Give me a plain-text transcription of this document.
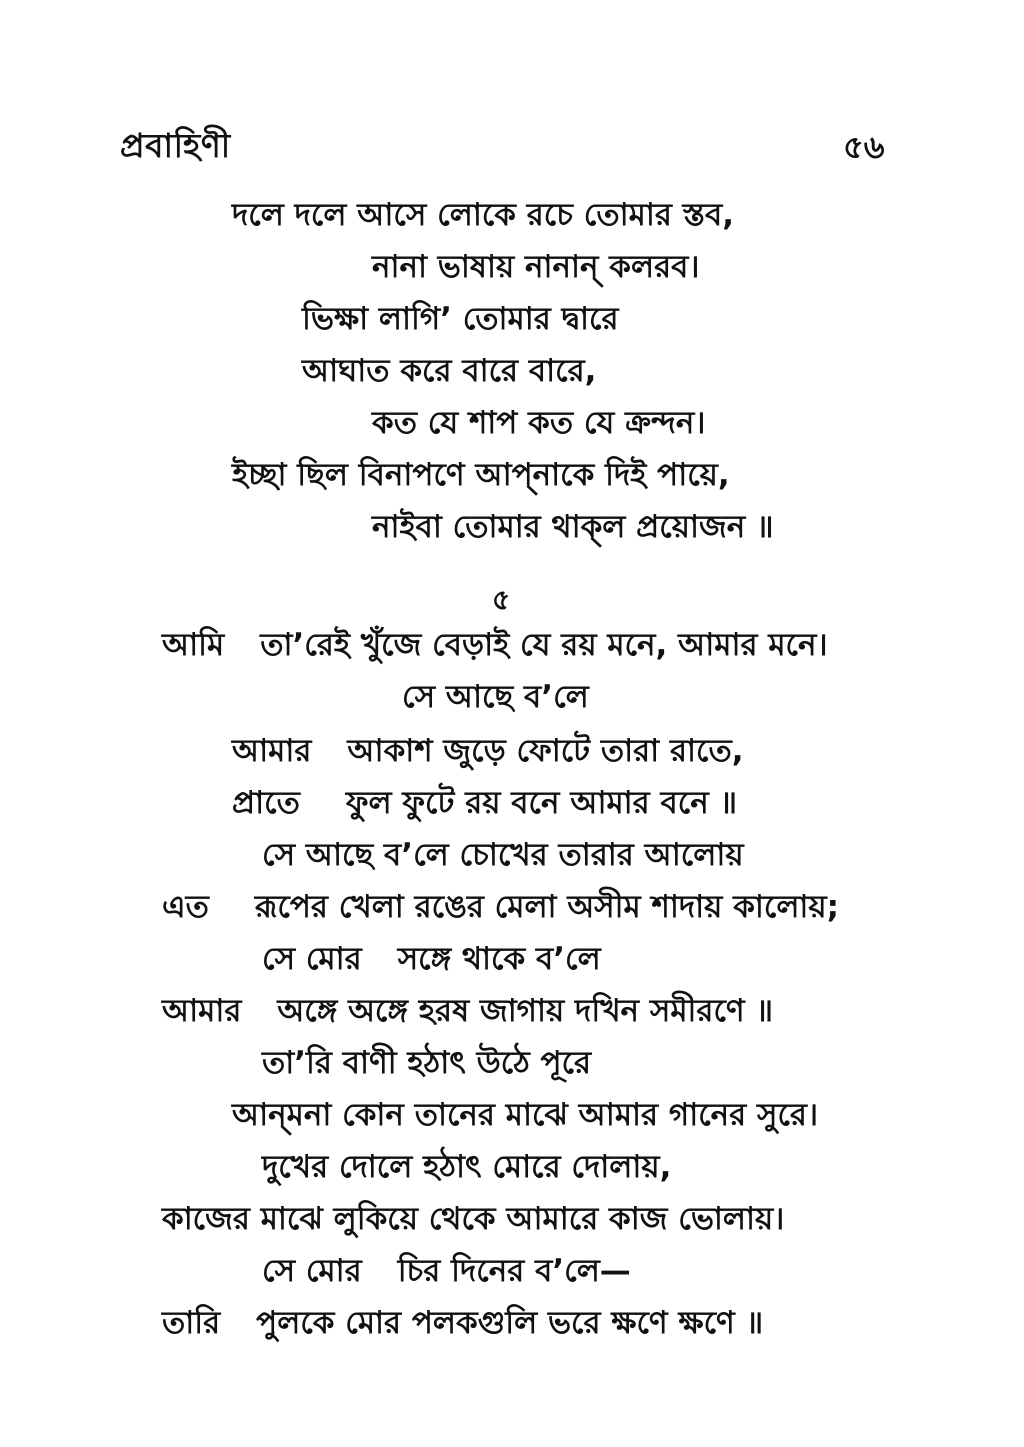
প্রবাহিণী	৫৬
দলে দলে আসে লোকে রচে তোমার স্তব,
নানা ভাষায় নানান্ কলরব।
ভিক্ষা লাগি’ তোমার দ্বারে
আঘাত করে বারে বারে,
কত যে শাপ কত যে ক্রন্দন।
ইচ্ছা ছিল বিনাপণে আপ্‌নাকে দিই পায়ে,
নাইবা তোমার থাক্‌ল প্রয়োজন ॥
৫
আমি তা’রেই খুঁজে বেড়াই যে রয় মনে, আমার মনে।
সে আছে ব’লে
আমার আকাশ জুড়ে ফোটে তারা রাতে,
প্রাতে ফুল ফুটে রয় বনে আমার বনে ॥
সে আছে ব’লে চোখের তারার আলোয়
এত রূপের খেলা রঙের মেলা অসীম শাদায় কালোয়;
সে মোর সঙ্গে থাকে ব’লে
আমার অঙ্গে অঙ্গে হরষ জাগায় দখিন সমীরণে ॥
তা’রি বাণী হঠাৎ উঠে পূরে
আন্‌মনা কোন তানের মাঝে আমার গানের সুরে।
দুখের দোলে হঠাৎ মোরে দোলায়,
কাজের মাঝে লুকিয়ে থেকে আমারে কাজ ভোলায়।
সে মোর চির দিনের ব’লে—
তারি পুলকে মোর পলকগুলি ভরে ক্ষণে ক্ষণে ॥
